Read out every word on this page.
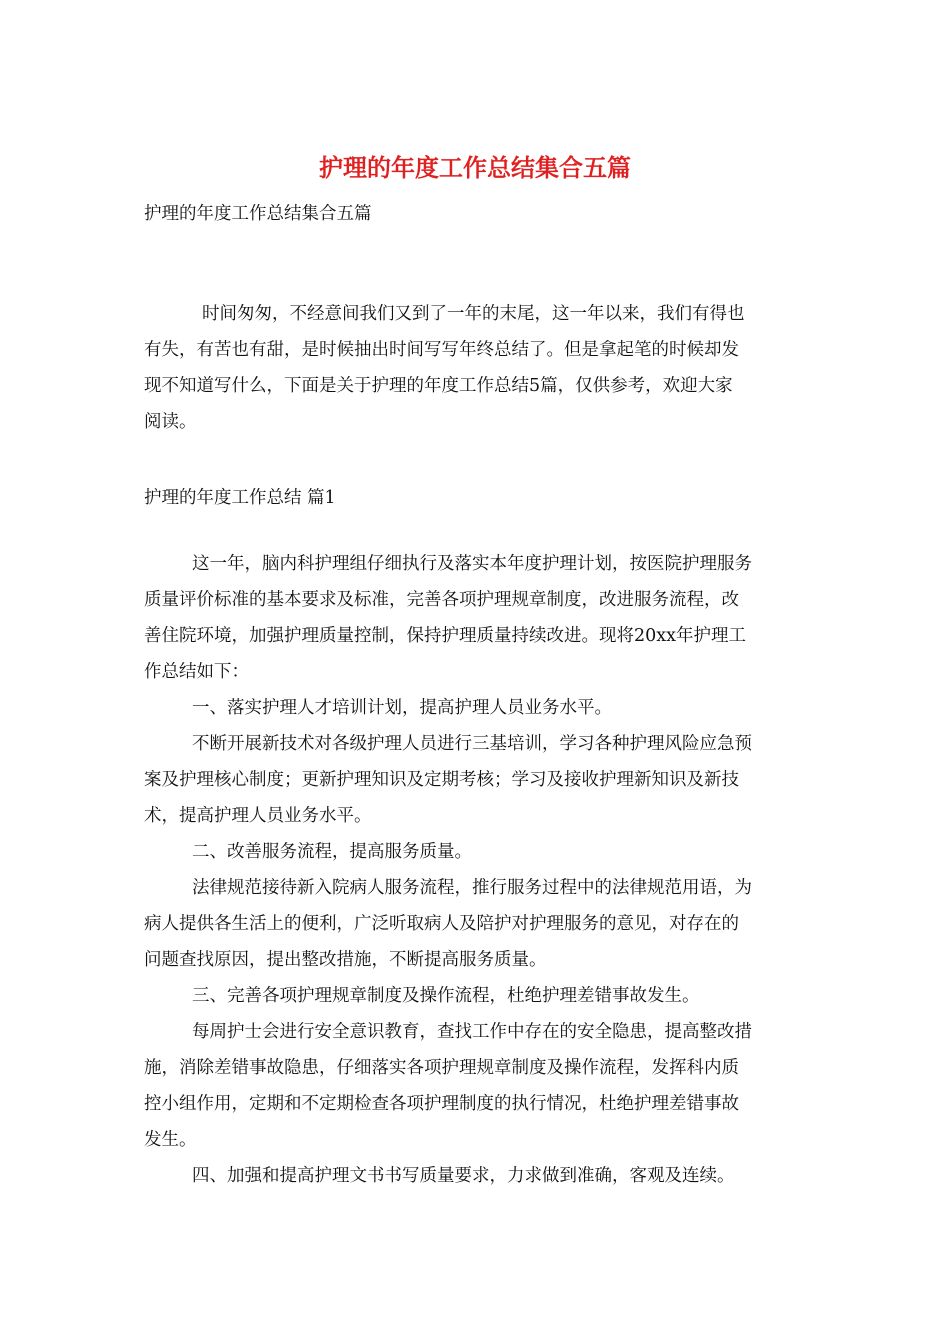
护理的年度工作总结集合五篇
护理的年度工作总结集合五篇
时间匆匆，不经意间我们又到了一年的末尾，这一年以来，我们有得也
有失，有苦也有甜，是时候抽出时间写写年终总结了。但是拿起笔的时候却发
现不知道写什么，下面是关于护理的年度工作总结5篇，仅供参考，欢迎大家
阅读。
护理的年度工作总结 篇1
这一年，脑内科护理组仔细执行及落实本年度护理计划，按医院护理服务
质量评价标准的基本要求及标准，完善各项护理规章制度，改进服务流程，改
善住院环境，加强护理质量控制，保持护理质量持续改进。现将20xx年护理工
作总结如下：
一、落实护理人才培训计划，提高护理人员业务水平。
不断开展新技术对各级护理人员进行三基培训，学习各种护理风险应急预
案及护理核心制度；更新护理知识及定期考核；学习及接收护理新知识及新技
术，提高护理人员业务水平。
二、改善服务流程，提高服务质量。
法律规范接待新入院病人服务流程，推行服务过程中的法律规范用语，为
病人提供各生活上的便利，广泛听取病人及陪护对护理服务的意见，对存在的
问题查找原因，提出整改措施，不断提高服务质量。
三、完善各项护理规章制度及操作流程，杜绝护理差错事故发生。
每周护士会进行安全意识教育，查找工作中存在的安全隐患，提高整改措
施，消除差错事故隐患，仔细落实各项护理规章制度及操作流程，发挥科内质
控小组作用，定期和不定期检查各项护理制度的执行情况，杜绝护理差错事故
发生。
四、加强和提高护理文书书写质量要求，力求做到准确，客观及连续。
